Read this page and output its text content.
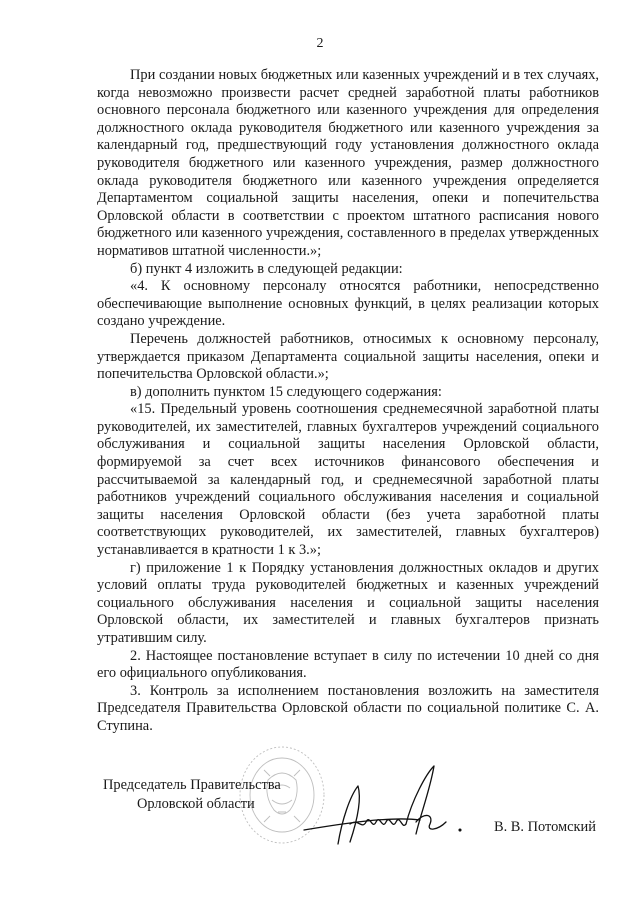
2

При создании новых бюджетных или казенных учреждений и в тех случаях, когда невозможно произвести расчет средней заработной платы работников основного персонала бюджетного или казенного учреждения для определения должностного оклада руководителя бюджетного или казенного учреждения за календарный год, предшествующий году установления должностного оклада руководителя бюджетного или казенного учреждения, размер должностного оклада руководителя бюджетного или казенного учреждения определяется Департаментом социальной защиты населения, опеки и попечительства Орловской области в соответствии с проектом штатного расписания нового бюджетного или казенного учреждения, составленного в пределах утвержденных нормативов штатной численности.»;

б) пункт 4 изложить в следующей редакции:

«4. К основному персоналу относятся работники, непосредственно обеспечивающие выполнение основных функций, в целях реализации которых создано учреждение.

Перечень должностей работников, относимых к основному персоналу, утверждается приказом Департамента социальной защиты населения, опеки и попечительства Орловской области.»;

в) дополнить пунктом 15 следующего содержания:

«15. Предельный уровень соотношения среднемесячной заработной платы руководителей, их заместителей, главных бухгалтеров учреждений социального обслуживания и социальной защиты населения Орловской области, формируемой за счет всех источников финансового обеспечения и рассчитываемой за календарный год, и среднемесячной заработной платы работников учреждений социального обслуживания населения и социальной защиты населения Орловской области (без учета заработной платы соответствующих руководителей, их заместителей, главных бухгалтеров) устанавливается в кратности 1 к 3.»;

г) приложение 1 к Порядку установления должностных окладов и других условий оплаты труда руководителей бюджетных и казенных учреждений социального обслуживания населения и социальной защиты населения Орловской области, их заместителей и главных бухгалтеров признать утратившим силу.

2. Настоящее постановление вступает в силу по истечении 10 дней со дня его официального опубликования.

3. Контроль за исполнением постановления возложить на заместителя Председателя Правительства Орловской области по социальной политике С. А. Ступина.

Председатель Правительства
Орловской области
В. В. Потомский
